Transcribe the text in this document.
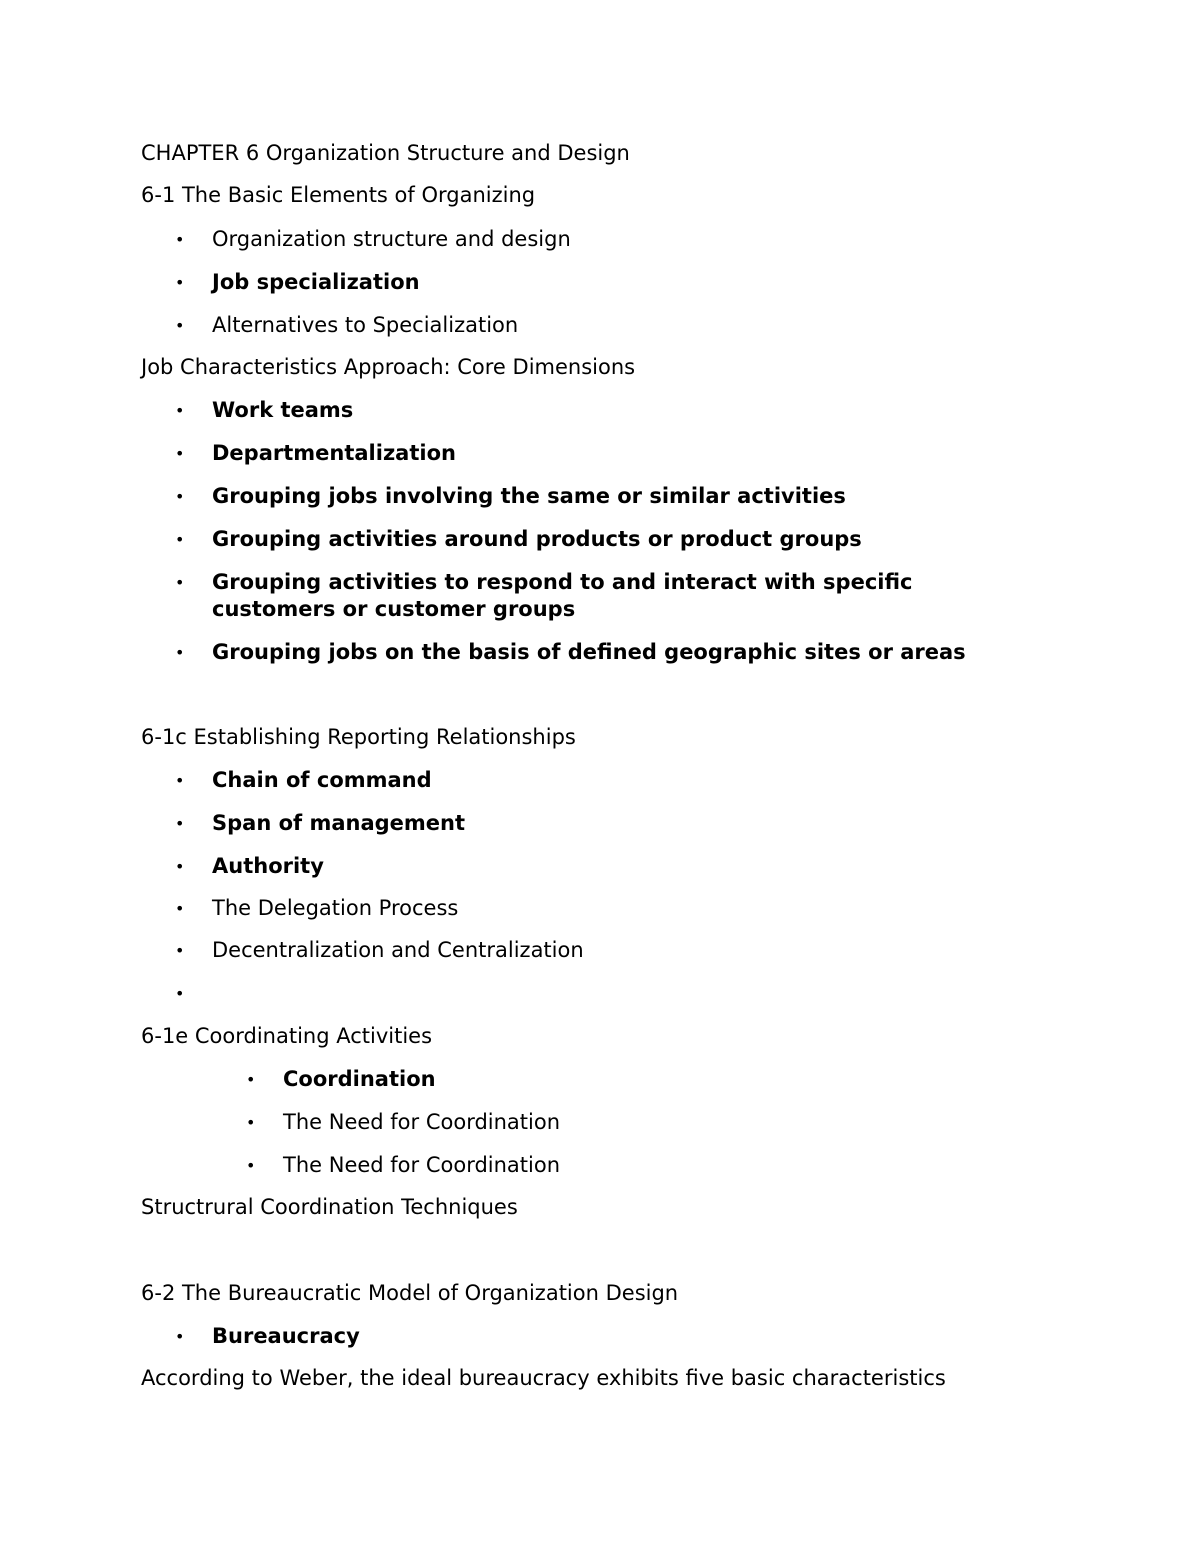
CHAPTER 6 Organization Structure and Design
6-1 The Basic Elements of Organizing
• Organization structure and design
• Job specialization
• Alternatives to Specialization
Job Characteristics Approach: Core Dimensions
• Work teams
• Departmentalization
• Grouping jobs involving the same or similar activities
• Grouping activities around products or product groups
• Grouping activities to respond to and interact with specific customers or customer groups
• Grouping jobs on the basis of defined geographic sites or areas
6-1c Establishing Reporting Relationships
• Chain of command
• Span of management
• Authority
• The Delegation Process
• Decentralization and Centralization
•
6-1e Coordinating Activities
• Coordination
• The Need for Coordination
• The Need for Coordination
Structrural Coordination Techniques
6-2 The Bureaucratic Model of Organization Design
• Bureaucracy
According to Weber, the ideal bureaucracy exhibits five basic characteristics
